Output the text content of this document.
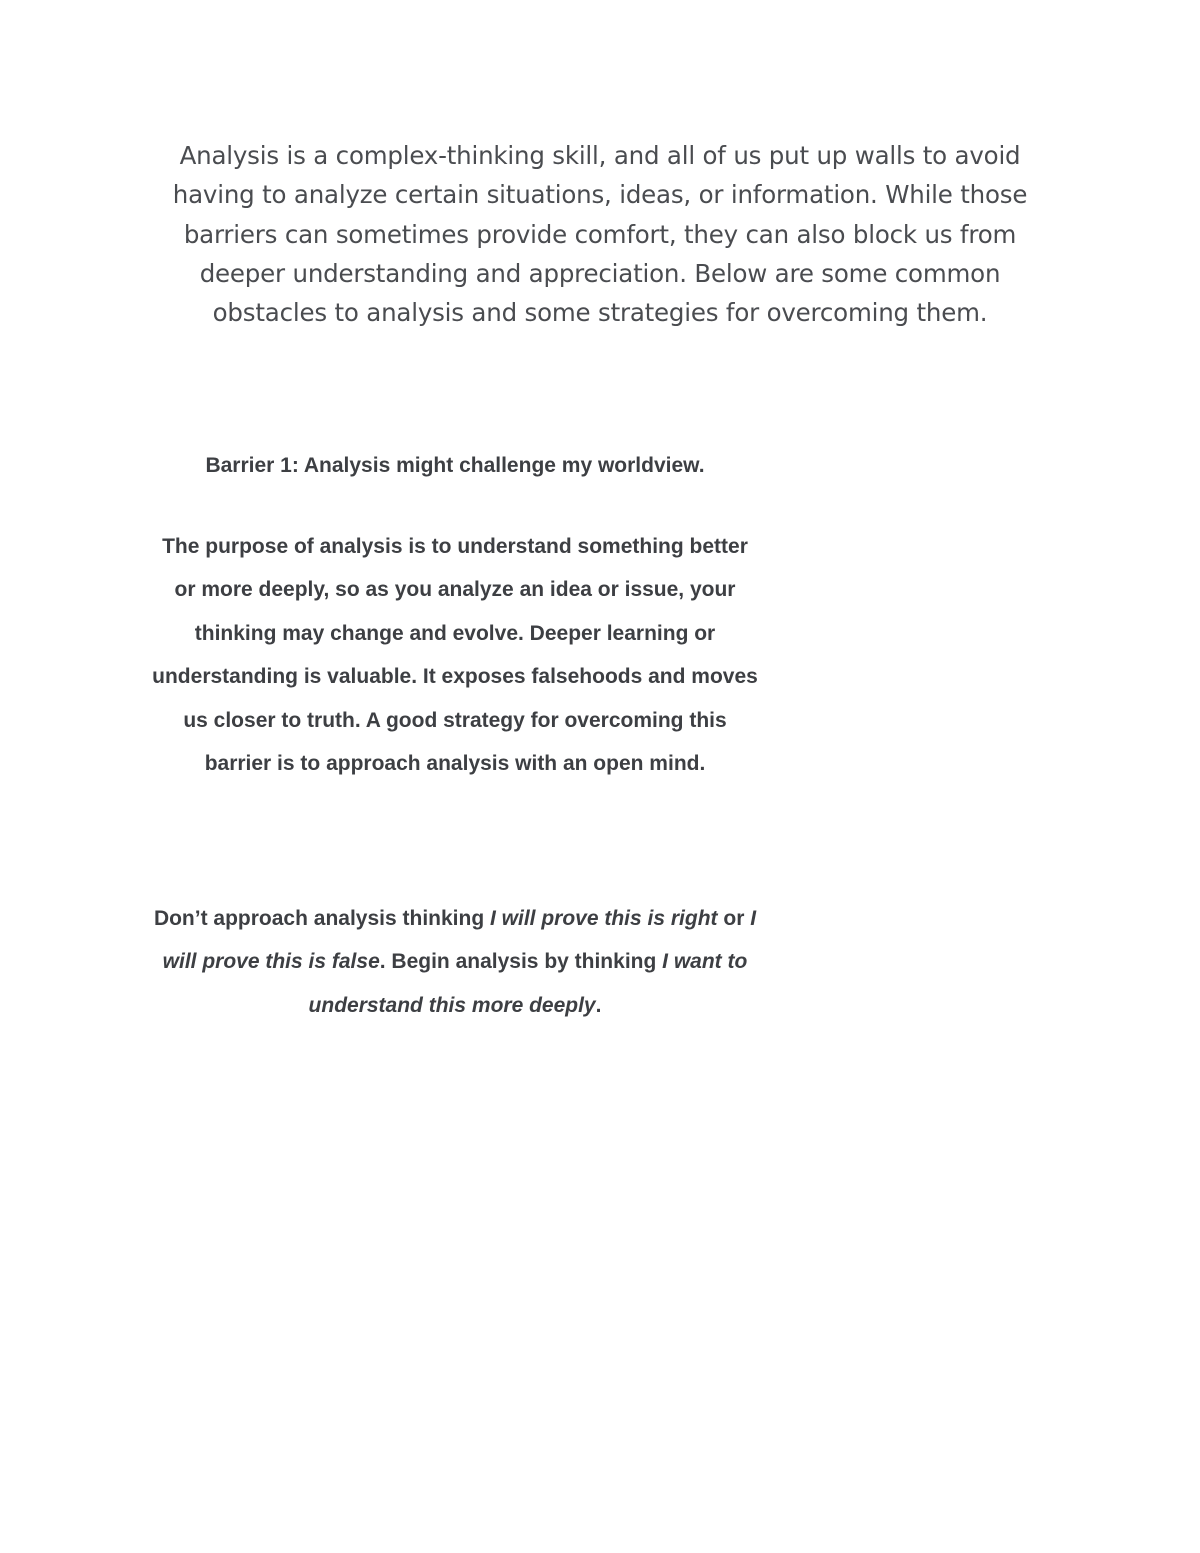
Analysis is a complex-thinking skill, and all of us put up walls to avoid having to analyze certain situations, ideas, or information. While those barriers can sometimes provide comfort, they can also block us from deeper understanding and appreciation. Below are some common obstacles to analysis and some strategies for overcoming them.

Barrier 1: Analysis might challenge my worldview.

The purpose of analysis is to understand something better or more deeply, so as you analyze an idea or issue, your thinking may change and evolve. Deeper learning or understanding is valuable. It exposes falsehoods and moves us closer to truth. A good strategy for overcoming this barrier is to approach analysis with an open mind.

Don’t approach analysis thinking I will prove this is right or I will prove this is false. Begin analysis by thinking I want to understand this more deeply.
